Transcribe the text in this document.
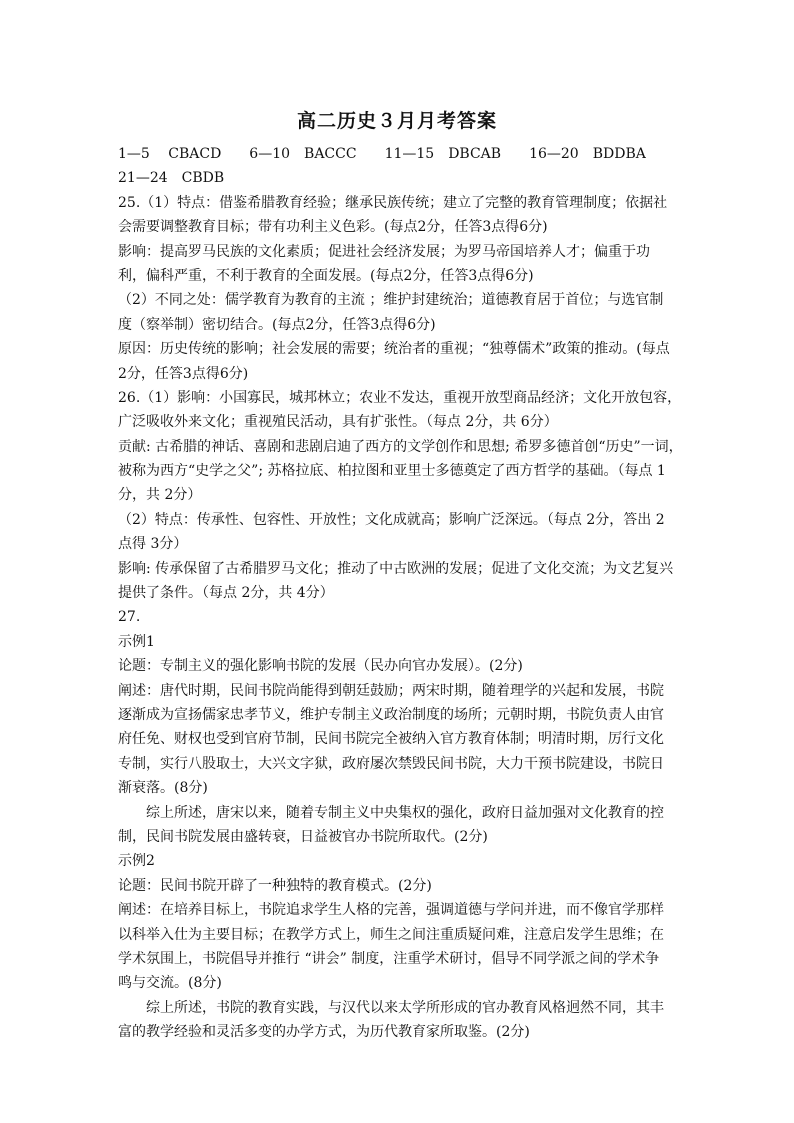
高二历史３月月考答案
1—5　 CBACD　　6—10　BACCC　　11—15　DBCAB　　16—20　BDDBA
21—24　CBDB
25.（1）特点：借鉴希腊教育经验；继承民族传统；建立了完整的教育管理制度；依据社
会需要调整教育目标；带有功利主义色彩。(每点2分，任答3点得6分)
影响：提高罗马民族的文化素质；促进社会经济发展；为罗马帝国培养人才；偏重于功
利，偏科严重，不利于教育的全面发展。(每点2分，任答3点得6分)
（2）不同之处：儒学教育为教育的主流 ；维护封建统治；道德教育居于首位；与选官制
度（察举制）密切结合。(每点2分，任答3点得6分)
原因：历史传统的影响；社会发展的需要；统治者的重视；“独尊儒术”政策的推动。(每点
2分，任答3点得6分)
26.（1）影响：小国寡民，城邦林立；农业不发达，重视开放型商品经济；文化开放包容，
广泛吸收外来文化；重视殖民活动，具有扩张性。（每点 2分，共 6分）
贡献: 古希腊的神话、喜剧和悲剧启迪了西方的文学创作和思想; 希罗多德首创“历史”一词，
被称为西方“史学之父”; 苏格拉底、柏拉图和亚里士多德奠定了西方哲学的基础。（每点 1
分，共 2分）
（2）特点：传承性、包容性、开放性；文化成就高；影响广泛深远。（每点 2分，答出 2
点得 3分）
影响: 传承保留了古希腊罗马文化；推动了中古欧洲的发展；促进了文化交流；为文艺复兴
提供了条件。（每点 2分，共 4分）
27.
示例1
论题：专制主义的强化影响书院的发展（民办向官办发展）。(2分)
阐述：唐代时期，民间书院尚能得到朝廷鼓励；两宋时期，随着理学的兴起和发展，书院
逐渐成为宣扬儒家忠孝节义，维护专制主义政治制度的场所；元朝时期，书院负责人由官
府任免、财权也受到官府节制，民间书院完全被纳入官方教育体制；明清时期，厉行文化
专制，实行八股取士，大兴文字狱，政府屡次禁毁民间书院，大力干预书院建设，书院日
渐衰落。(8分)
综上所述，唐宋以来，随着专制主义中央集权的强化，政府日益加强对文化教育的控
制，民间书院发展由盛转衰，日益被官办书院所取代。(2分)
示例2
论题：民间书院开辟了一种独特的教育模式。(2分)
阐述：在培养目标上，书院追求学生人格的完善，强调道德与学问并进，而不像官学那样
以科举入仕为主要目标；在教学方式上，师生之间注重质疑问难，注意启发学生思维；在
学术氛围上，书院倡导并推行 “讲会” 制度，注重学术研讨，倡导不同学派之间的学术争
鸣与交流。(8分)
综上所述，书院的教育实践，与汉代以来太学所形成的官办教育风格迥然不同，其丰
富的教学经验和灵活多变的办学方式，为历代教育家所取鉴。(2分)
